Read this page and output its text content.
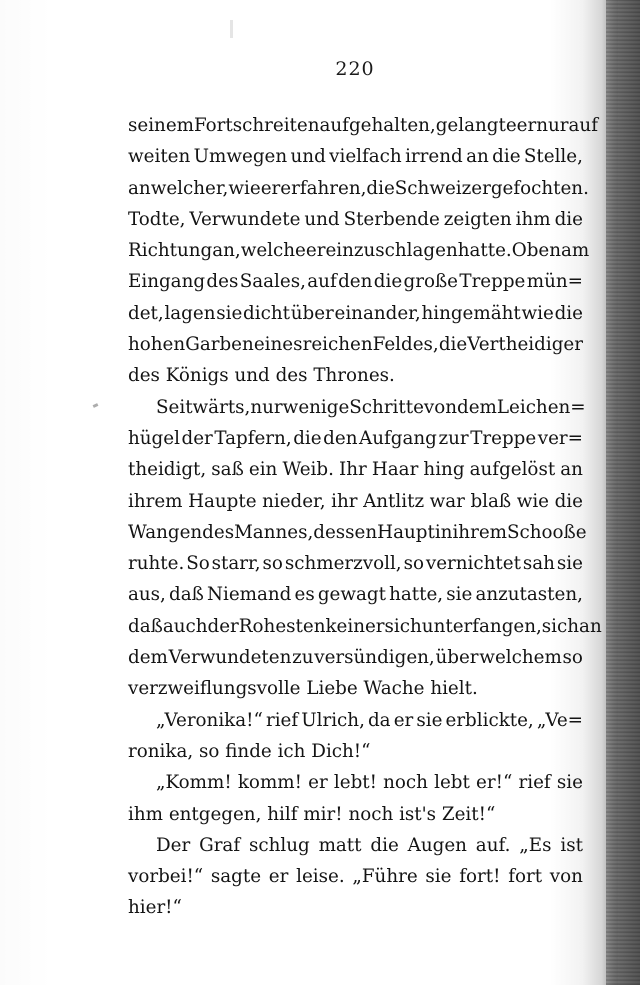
220
seinem Fortschreiten aufgehalten, gelangte er nur auf
weiten Umwegen und vielfach irrend an die Stelle,
an welcher, wie er erfahren, die Schweizer gefochten.
Todte, Verwundete und Sterbende zeigten ihm die
Richtung an, welche er einzuschlagen hatte. Oben am
Eingang des Saales, auf den die große Treppe mün=
det, lagen sie dicht über einander, hingemäht wie die
hohen Garben eines reichen Feldes, die Vertheidiger
des Königs und des Thrones.
Seitwärts, nur wenige Schritte von dem Leichen=
hügel der Tapfern, die den Aufgang zur Treppe ver=
theidigt, saß ein Weib. Ihr Haar hing aufgelöst an
ihrem Haupte nieder, ihr Antlitz war blaß wie die
Wangen des Mannes, dessen Haupt in ihrem Schooße
ruhte. So starr, so schmerzvoll, so vernichtet sah sie
aus, daß Niemand es gewagt hatte, sie anzutasten,
daß auch der Rohesten keiner sich unterfangen, sich an
dem Verwundeten zu versündigen, über welchem so
verzweiflungsvolle Liebe Wache hielt.
„Veronika!“ rief Ulrich, da er sie erblickte, „Ve=
ronika, so finde ich Dich!“
„Komm! komm! er lebt! noch lebt er!“ rief sie
ihm entgegen, hilf mir! noch ist's Zeit!“
Der Graf schlug matt die Augen auf. „Es ist
vorbei!“ sagte er leise. „Führe sie fort! fort von
hier!“
